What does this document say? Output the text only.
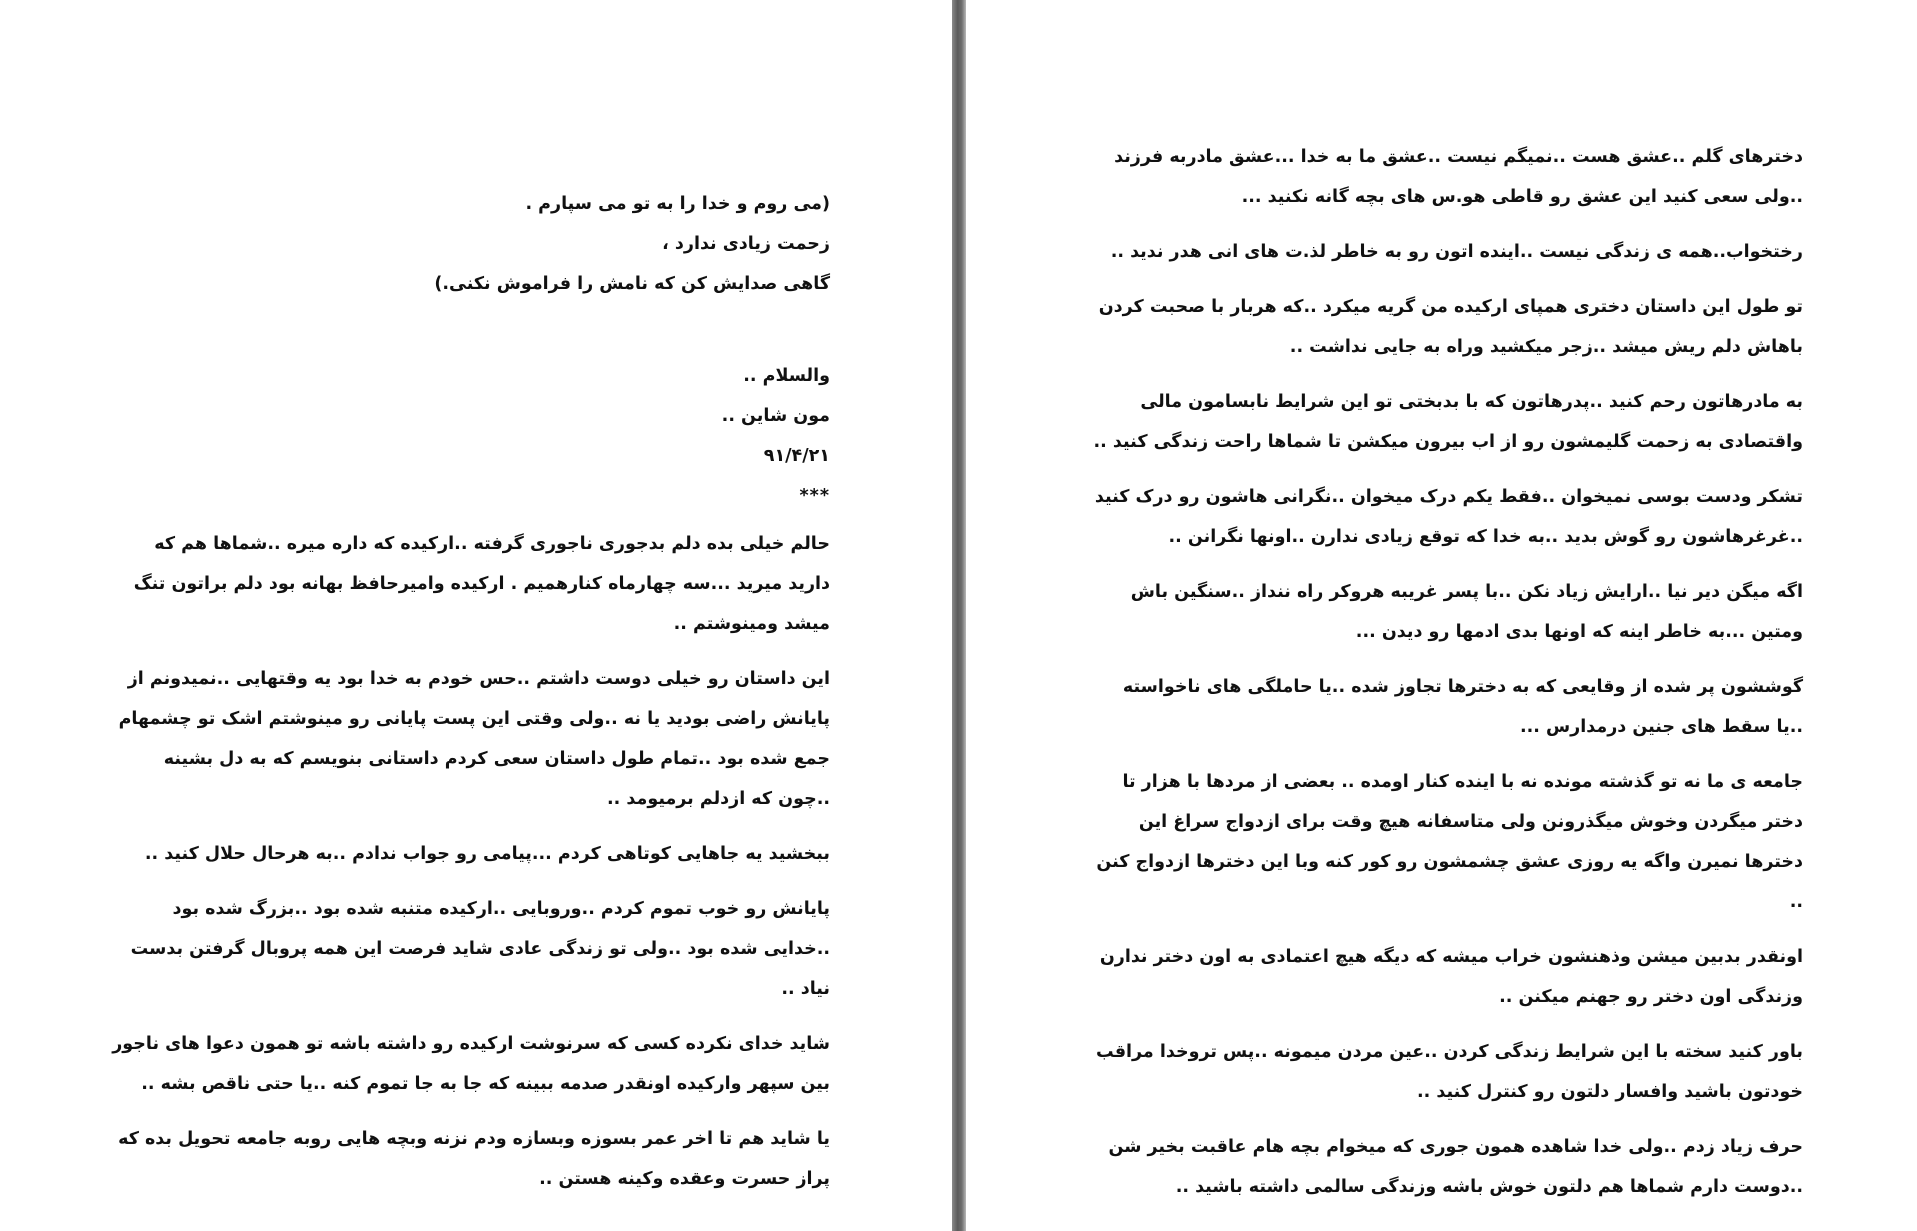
(می روم و خدا را به تو می سپارم .
زحمت زیادی ندارد ،
گاهی صدایش کن که نامش را فراموش نکنی.)
والسلام ..
مون شاین ..
۹۱/۴/۲۱
***

حالم خیلی بده دلم بدجوری ناجوری گرفته ..ارکیده که داره میره ..شماها هم که دارید میرید ...سه چهارماه کنارهمیم . ارکیده وامیرحافظ بهانه بود دلم براتون تنگ میشد ومینوشتم ..

این داستان رو خیلی دوست داشتم ..حس خودم به خدا بود یه وقتهایی ..نمیدونم از پایانش راضی بودید یا نه ..ولی وقتی این پست پایانی رو مینوشتم اشک تو چشمهام جمع شده بود ..تمام طول داستان سعی کردم داستانی بنویسم که به دل بشینه ..چون که ازدلم برمیومد ..

ببخشید یه جاهایی کوتاهی کردم ...پیامی رو جواب ندادم ..به هرحال حلال کنید ..

پایانش رو خوب تموم کردم ..وروبایی ..ارکیده متنبه شده بود ..بزرگ شده بود ..خدایی شده بود ..ولی تو زندگی عادی شاید فرصت این همه پروبال گرفتن بدست نیاد ..

شاید خدای نکرده کسی که سرنوشت ارکیده رو داشته باشه تو همون دعوا های ناجور بین سپهر وارکیده اونقدر صدمه ببینه که جا به جا تموم کنه ..یا حتی ناقص بشه ..

یا شاید هم تا اخر عمر بسوزه وبسازه ودم نزنه وبچه هایی روبه جامعه تحویل بده که پراز حسرت وعقده وکینه هستن ..

دخترهای گلم ..عشق هست ..نمیگم نیست ..عشق ما به خدا ...عشق مادربه فرزند ..ولی سعی کنید این عشق رو قاطی هو.س های بچه گانه نکنید ...

رختخواب..همه ی زندگی نیست ..اینده اتون رو به خاطر لذ.ت های انی هدر ندید ..

تو طول این داستان دختری همپای ارکیده من گریه میکرد ..که هربار با صحبت کردن باهاش دلم ریش میشد ..زجر میکشید وراه به جایی نداشت ..

به مادرهاتون رحم کنید ..پدرهاتون که با بدبختی تو این شرایط نابسامون مالی واقتصادی به زحمت گلیمشون رو از اب بیرون میکشن تا شماها راحت زندگی کنید ..

تشکر ودست بوسی نمیخوان ..فقط یکم درک میخوان ..نگرانی هاشون رو درک کنید ..غرغرهاشون رو گوش بدید ..به خدا که توقع زیادی ندارن ..اونها نگرانن ..

اگه میگن دیر نیا ..ارایش زیاد نکن ..با پسر غریبه هروکر راه ننداز ..سنگین باش ومتین ...به خاطر اینه که اونها بدی ادمها رو دیدن ...

گوششون پر شده از وقایعی که به دخترها تجاوز شده ..یا حاملگی های ناخواسته ..یا سقط های جنین درمدارس ...

جامعه ی ما نه تو گذشته مونده نه با اینده کنار اومده .. بعضی از مردها با هزار تا دختر میگردن وخوش میگذرونن ولی متاسفانه هیچ وقت برای ازدواج سراغ این دخترها نمیرن واگه یه روزی عشق چشمشون رو کور کنه وبا این دخترها ازدواج کنن ..

اونقدر بدبین میشن وذهنشون خراب میشه که دیگه هیچ اعتمادی به اون دختر ندارن وزندگی اون دختر رو جهنم میکنن ..

باور کنید سخته با این شرایط زندگی کردن ..عین مردن میمونه ..پس تروخدا مراقب خودتون باشید وافسار دلتون رو کنترل کنید ..

حرف زیاد زدم ..ولی خدا شاهده همون جوری که میخوام بچه هام عاقبت بخیر شن ..دوست دارم شماها هم دلتون خوش باشه وزندگی سالمی داشته باشید ..
